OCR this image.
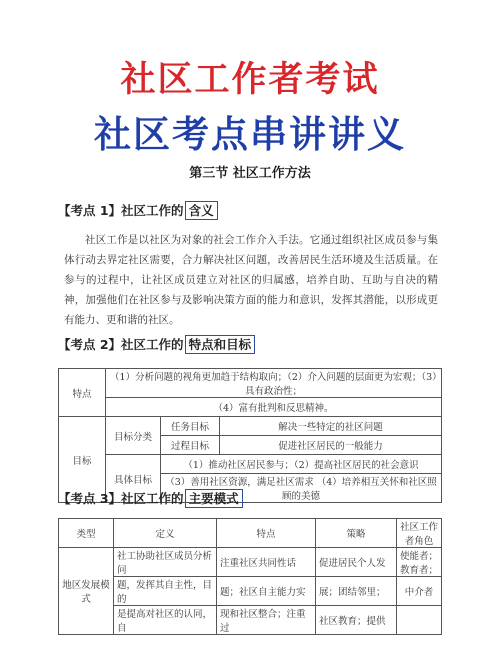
社区工作者考试
社区考点串讲讲义
第三节 社区工作方法
【考点 1】社区工作的 含义

社区工作是以社区为对象的社会工作介入手法。它通过组织社区成员参与集体行动去界定社区需要，合力解决社区问题，改善居民生活环境及生活质量。在参与的过程中，让社区成员建立对社区的归属感，培养自助、互助与自决的精神，加强他们在社区参与及影响决策方面的能力和意识，发挥其潜能，以形成更有能力、更和谐的社区。

【考点 2】社区工作的 特点和目标
特点	（1）分析问题的视角更加趋于结构取向；（2）介入问题的层面更为宏观；（3）具有政治性；		
	（4）富有批判和反思精神。		
目标	目标分类	任务目标	解决一些特定的社区问题
		过程目标	促进社区居民的一般能力
	具体目标	（1）推动社区居民参与；（2）提高社区居民的社会意识	
		（3）善用社区资源，满足社区需求 （4）培养相互关怀和社区照顾的美德	
【考点 3】社区工作的 主要模式
类型	定义	特点	策略	社区工作者角色
地区发展模式	社工协助社区成员分析问	注重社区共同性话	促进居民个人发	使能者；教育者；
	题，发挥其自主性，目的	题；社区自主能力实	展；团结邻里；	中介者
	是提高对社区的认同，自	现和社区整合；注重过	社区教育；提供	
